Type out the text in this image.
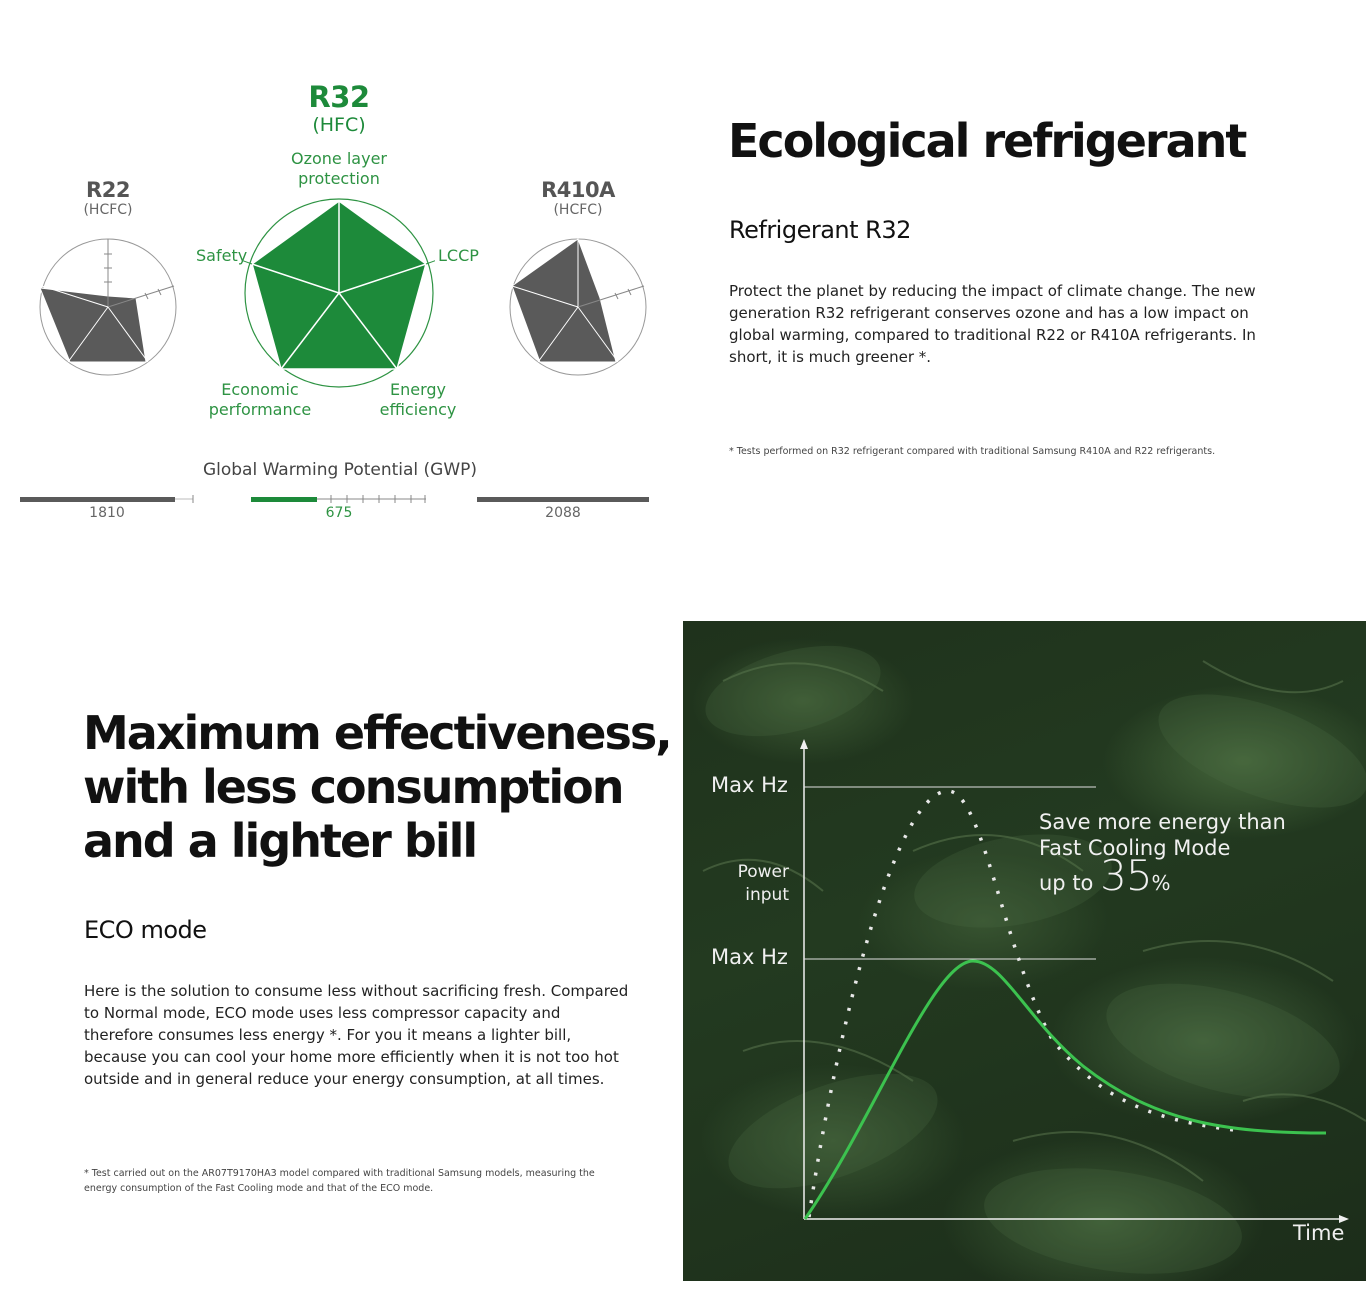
R22
(HCFC)
R32
(HFC)
Ozone layer
protection
LCCP
Safety
Economic
performance
Energy
efficiency
R410A
(HCFC)
Global Warming Potential (GWP)
1810	675	2088
Ecological refrigerant
Refrigerant R32
Protect the planet by reducing the impact of climate change. The new generation R32 refrigerant conserves ozone and has a low impact on global warming, compared to traditional R22 or R410A refrigerants. In short, it is much greener *.
* Tests performed on R32 refrigerant compared with traditional Samsung R410A and R22 refrigerants.
Maximum effectiveness,
with less consumption
and a lighter bill
ECO mode
Here is the solution to consume less without sacrificing fresh. Compared to Normal mode, ECO mode uses less compressor capacity and therefore consumes less energy *. For you it means a lighter bill, because you can cool your home more efficiently when it is not too hot outside and in general reduce your energy consumption, at all times.
* Test carried out on the AR07T9170HA3 model compared with traditional Samsung models, measuring the
energy consumption of the Fast Cooling mode and that of the ECO mode.
Max Hz
Max Hz
Power
input
Time
Save more energy than
Fast Cooling Mode
up to 35%
